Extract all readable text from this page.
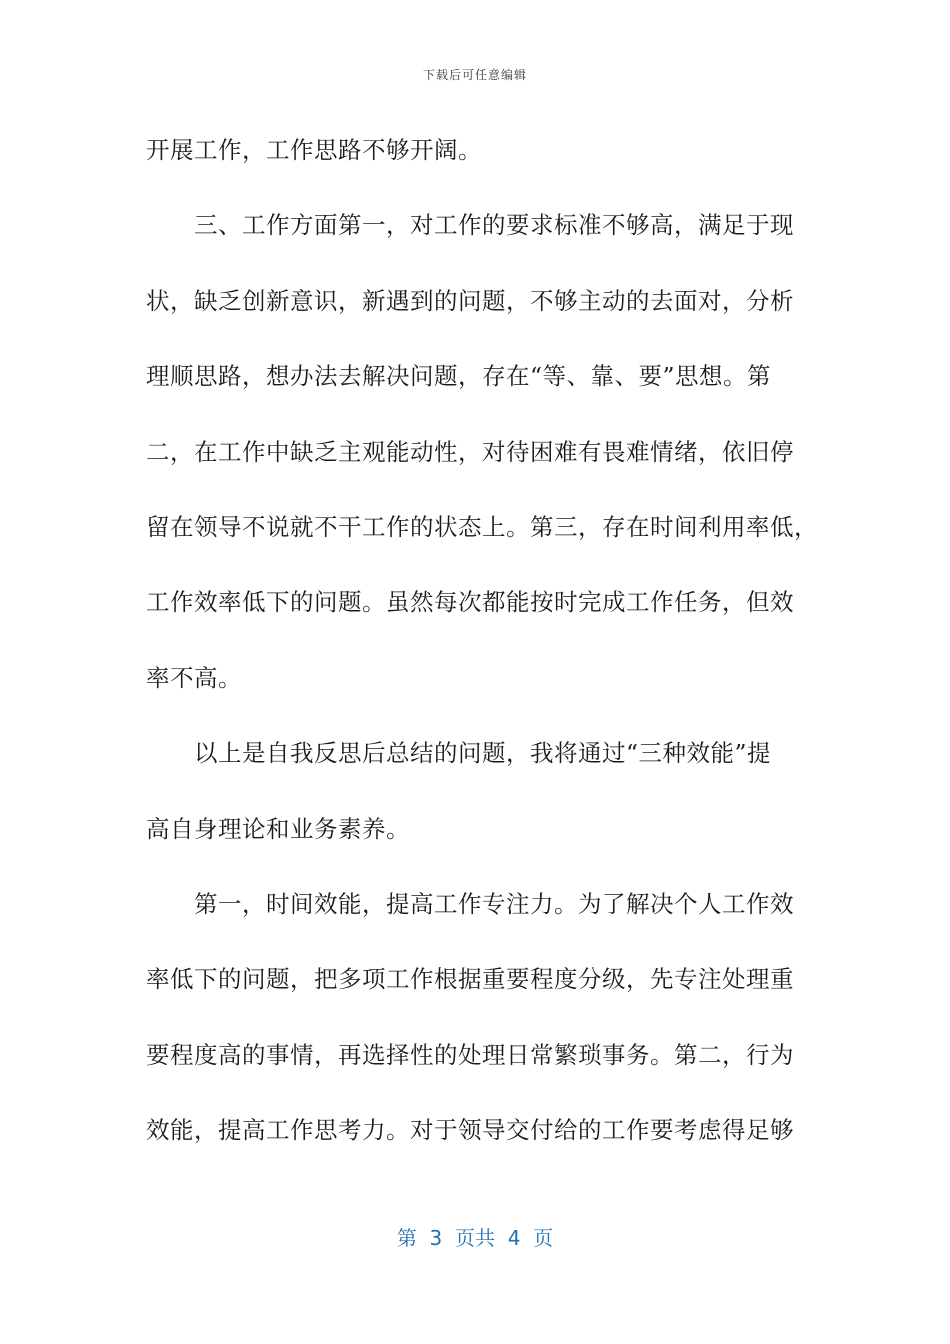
下载后可任意编辑
开展工作，工作思路不够开阔。
三、工作方面第一，对工作的要求标准不够高，满足于现
状，缺乏创新意识，新遇到的问题，不够主动的去面对，分析
理顺思路，想办法去解决问题，存在“等、靠、要”思想。第
二，在工作中缺乏主观能动性，对待困难有畏难情绪，依旧停
留在领导不说就不干工作的状态上。第三，存在时间利用率低，
工作效率低下的问题。虽然每次都能按时完成工作任务，但效
率不高。
以上是自我反思后总结的问题，我将通过“三种效能”提
高自身理论和业务素养。
第一，时间效能，提高工作专注力。为了解决个人工作效
率低下的问题，把多项工作根据重要程度分级，先专注处理重
要程度高的事情，再选择性的处理日常繁琐事务。第二，行为
效能，提高工作思考力。对于领导交付给的工作要考虑得足够
第  3  页共  4  页
